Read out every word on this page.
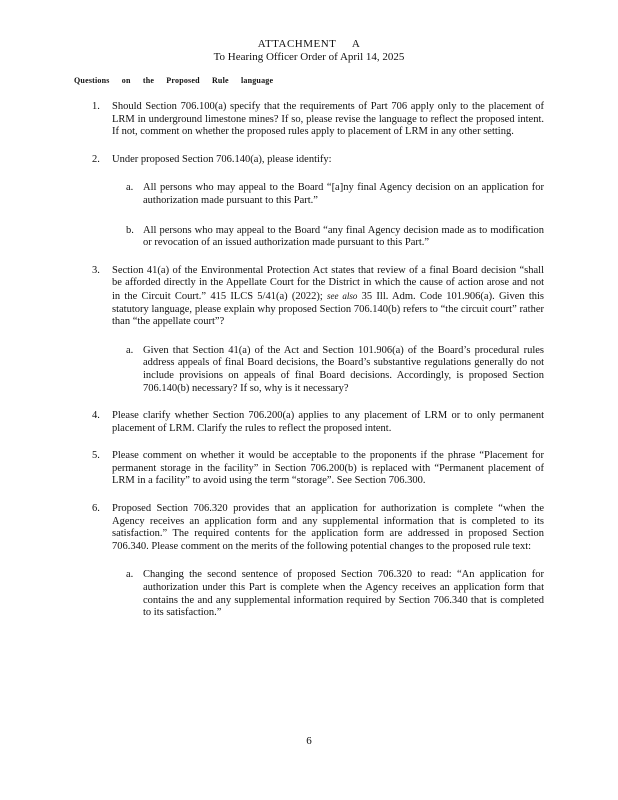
ATTACHMENT     A
To Hearing Officer Order of April 14, 2025
Questions on the Proposed Rule language
1.	Should Section 706.100(a) specify that the requirements of Part 706 apply only to the placement of LRM in underground limestone mines? If so, please revise the language to reflect the proposed intent. If not, comment on whether the proposed rules apply to placement of LRM in any other setting.

2.	Under proposed Section 706.140(a), please identify:

a. All persons who may appeal to the Board “[a]ny final Agency decision on an application for authorization made pursuant to this Part.”
b. All persons who may appeal to the Board “any final Agency decision made as to modification or revocation of an issued authorization made pursuant to this Part.”
3.	Section 41(a) of the Environmental Protection Act states that review of a final Board decision “shall be afforded directly in the Appellate Court for the District in which the cause of action arose and not in the Circuit Court.” 415 ILCS 5/41(a) (2022); see also 35 Ill. Adm. Code 101.906(a). Given this statutory language, please explain why proposed Section 706.140(b) refers to “the circuit court” rather than “the appellate court”?

a. Given that Section 41(a) of the Act and Section 101.906(a) of the Board’s procedural rules address appeals of final Board decisions, the Board’s substantive regulations generally do not include provisions on appeals of final Board decisions. Accordingly, is proposed Section 706.140(b) necessary? If so, why is it necessary?
4.	Please clarify whether Section 706.200(a) applies to any placement of LRM or to only permanent placement of LRM. Clarify the rules to reflect the proposed intent.

5.	Please comment on whether it would be acceptable to the proponents if the phrase “Placement for permanent storage in the facility” in Section 706.200(b) is replaced with “Permanent placement of LRM in a facility” to avoid using the term “storage”. See Section 706.300.

6.	Proposed Section 706.320 provides that an application for authorization is complete “when the Agency receives an application form and any supplemental information that is completed to its satisfaction.” The required contents for the application form are addressed in proposed Section 706.340. Please comment on the merits of the following potential changes to the proposed rule text:

a. Changing the second sentence of proposed Section 706.320 to read: “An application for authorization under this Part is complete when the Agency receives an application form that contains the and any supplemental information required by Section 706.340 that is completed to its satisfaction.”
6
